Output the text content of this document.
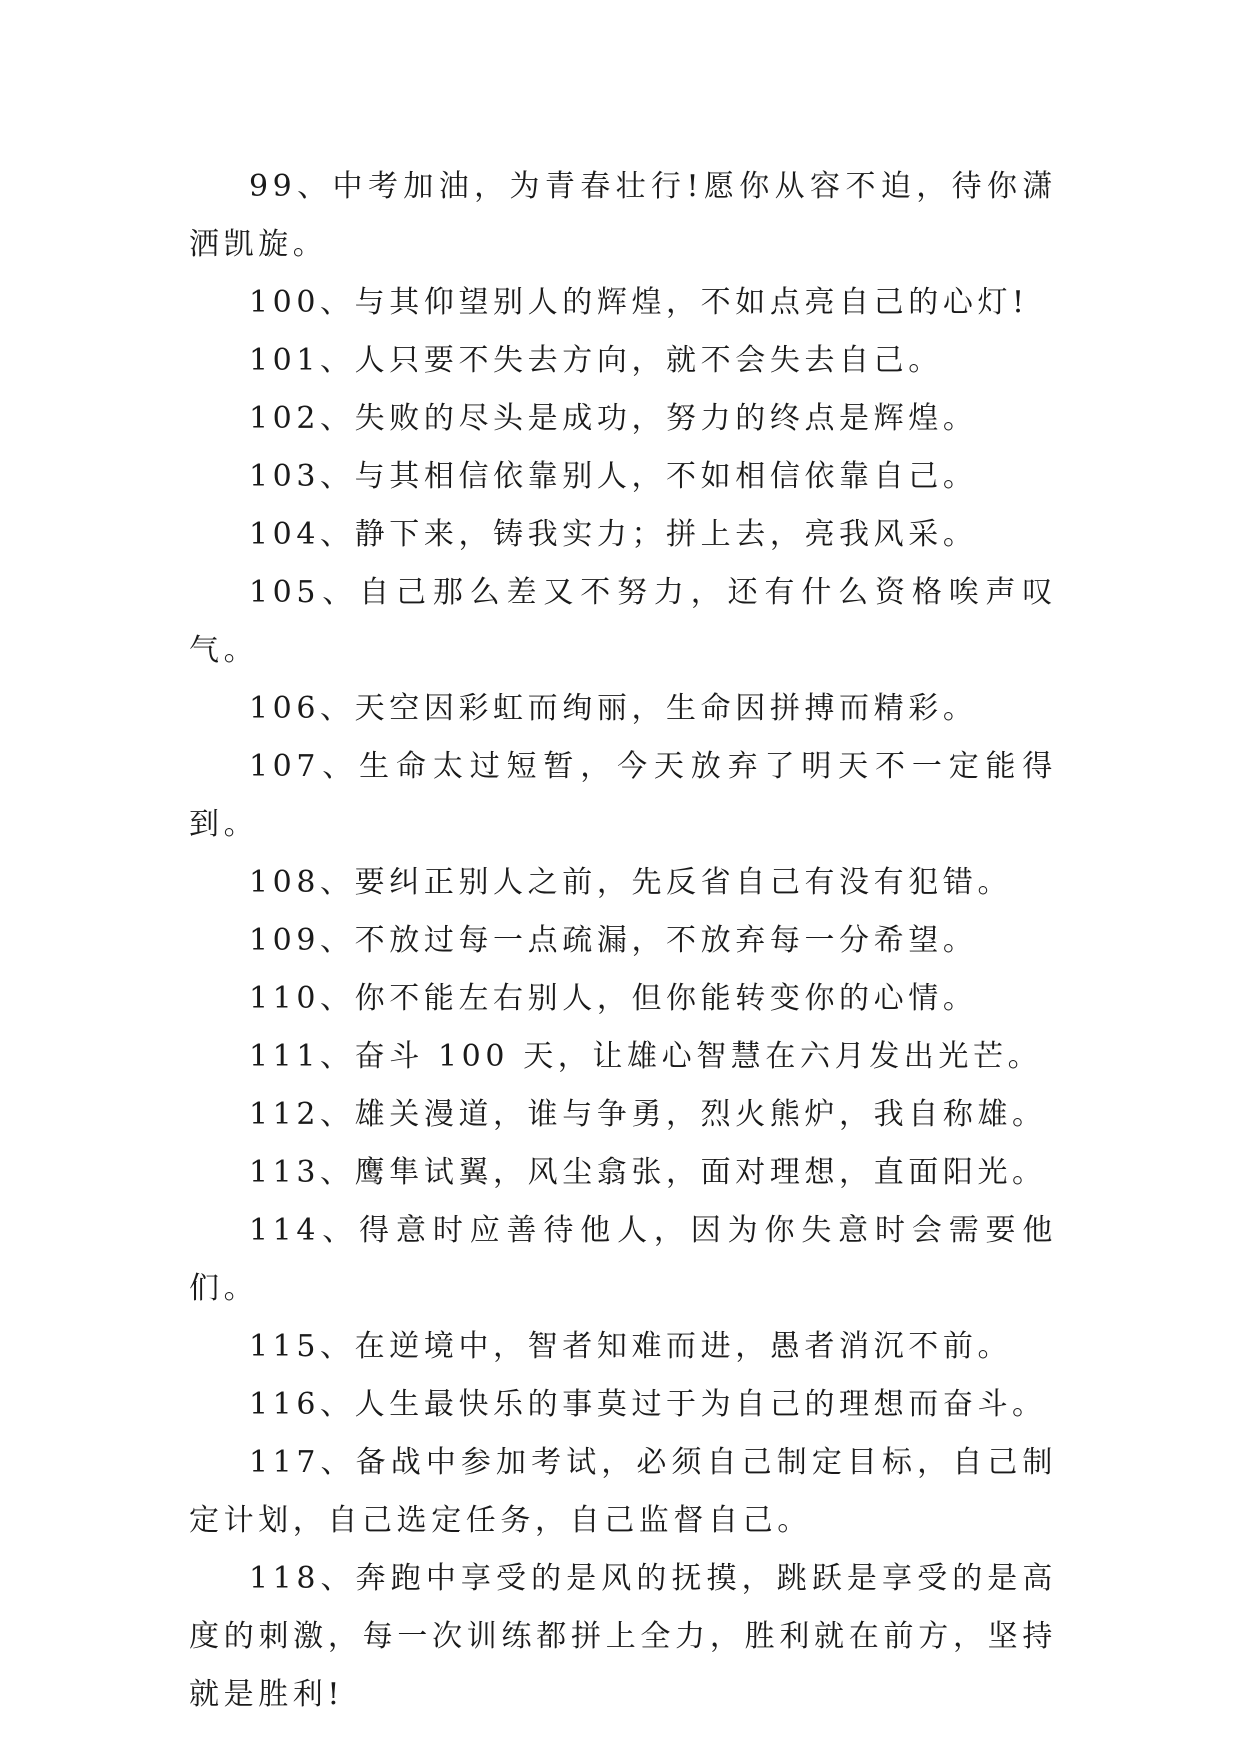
99、中考加油，为青春壮行!愿你从容不迫，待你潇洒凯旋。

100、与其仰望别人的辉煌，不如点亮自己的心灯!

101、人只要不失去方向，就不会失去自己。

102、失败的尽头是成功，努力的终点是辉煌。

103、与其相信依靠别人，不如相信依靠自己。

104、静下来，铸我实力；拼上去，亮我风采。

105、自己那么差又不努力，还有什么资格唉声叹气。

106、天空因彩虹而绚丽，生命因拼搏而精彩。

107、生命太过短暂，今天放弃了明天不一定能得到。

108、要纠正别人之前，先反省自己有没有犯错。

109、不放过每一点疏漏，不放弃每一分希望。

110、你不能左右别人，但你能转变你的心情。

111、奋斗 100 天，让雄心智慧在六月发出光芒。

112、雄关漫道，谁与争勇，烈火熊炉，我自称雄。

113、鹰隼试翼，风尘翕张，面对理想，直面阳光。

114、得意时应善待他人，因为你失意时会需要他们。

115、在逆境中，智者知难而进，愚者消沉不前。

116、人生最快乐的事莫过于为自己的理想而奋斗。

117、备战中参加考试，必须自己制定目标，自己制定计划，自己选定任务，自己监督自己。

118、奔跑中享受的是风的抚摸，跳跃是享受的是高度的刺激，每一次训练都拼上全力，胜利就在前方，坚持就是胜利!
